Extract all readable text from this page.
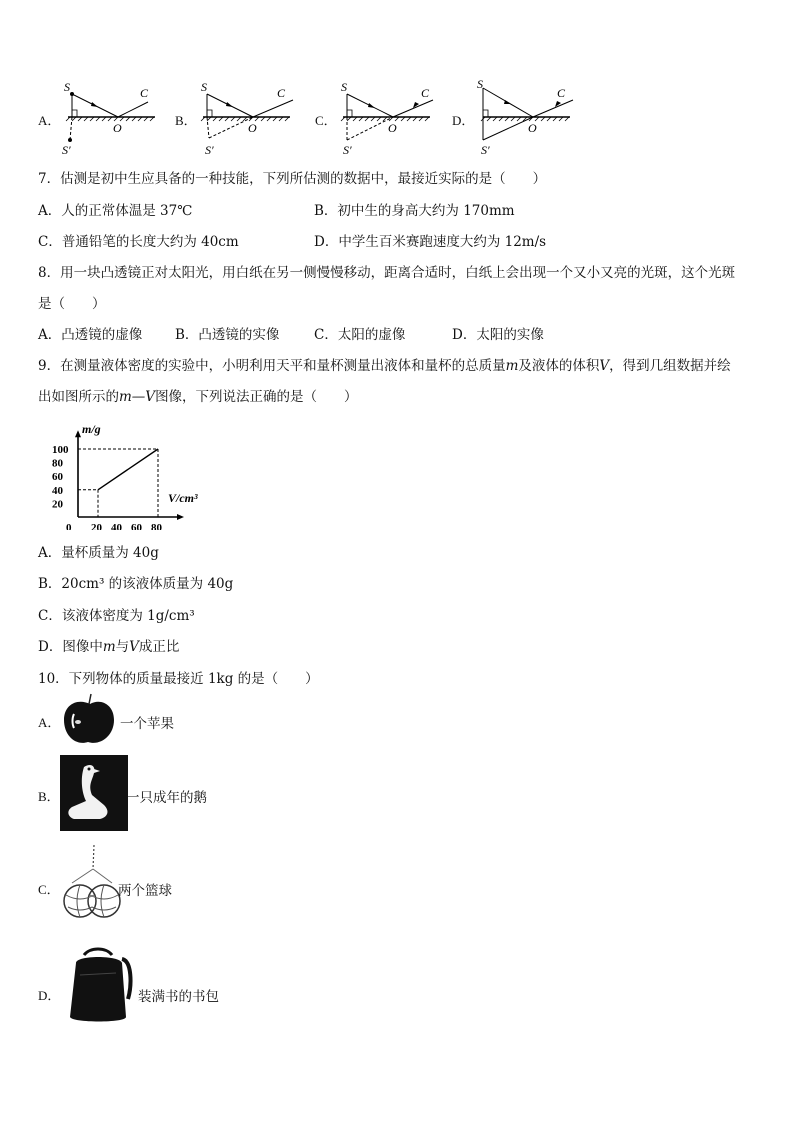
A．
S	C
O
S′
B．
S	C
O
S′
C．
S	C
O
S′
D．
S
C
O
S′
7．估测是初中生应具备的一种技能，下列所估测的数据中，最接近实际的是（　　）
A．人的正常体温是 37℃	B．初中生的身高大约为 170mm
C．普通铅笔的长度大约为 40cm	D．中学生百米赛跑速度大约为 12m/s
8．用一块凸透镜正对太阳光，用白纸在另一侧慢慢移动，距离合适时，白纸上会出现一个又小又亮的光斑，这个光斑
是（　　）
A．凸透镜的虚像 B．凸透镜的实像	C．太阳的虚像	D．太阳的实像
9．在测量液体密度的实验中，小明利用天平和量杯测量出液体和量杯的总质量m及液体的体积V，得到几组数据并绘
出如图所示的m—V图像，下列说法正确的是（　　）
m/g
V/cm³
0 20 40 60 80
20
40
60
80
100
A．量杯质量为 40g
B．20cm³ 的该液体质量为 40g
C．该液体密度为 1g/cm³
D．图像中m与V成正比
10．下列物体的质量最接近 1kg 的是（　　）
A．	一个苹果
B．	一只成年的鹅
C．	两个篮球
D．	装满书的书包
